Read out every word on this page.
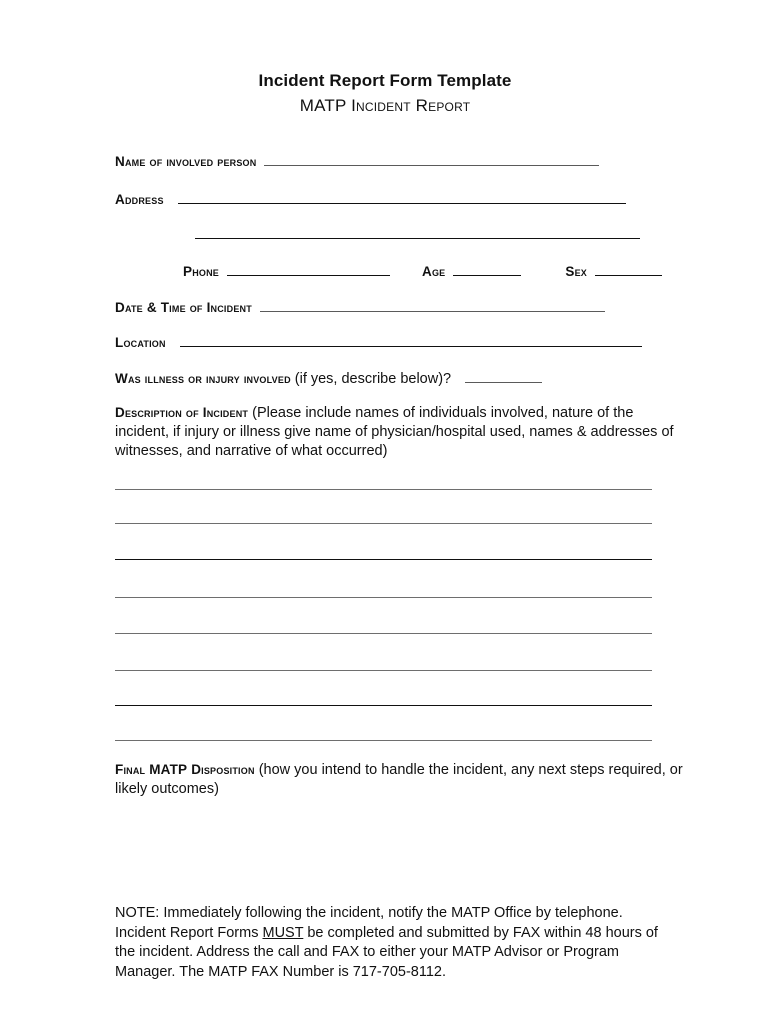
Incident Report Form Template
MATP Incident Report
Name of involved person
Address
Phone	Age	Sex
Date & Time of Incident
Location
Was illness or injury involved (if yes, describe below)?
Description of Incident (Please include names of individuals involved, nature of the incident, if injury or illness give name of physician/hospital used, names & addresses of witnesses, and narrative of what occurred)
Final MATP Disposition (how you intend to handle the incident, any next steps required, or likely outcomes)
NOTE: Immediately following the incident, notify the MATP Office by telephone.
Incident Report Forms MUST be completed and submitted by FAX within 48 hours of
the incident. Address the call and FAX to either your MATP Advisor or Program
Manager. The MATP FAX Number is 717-705-8112.
